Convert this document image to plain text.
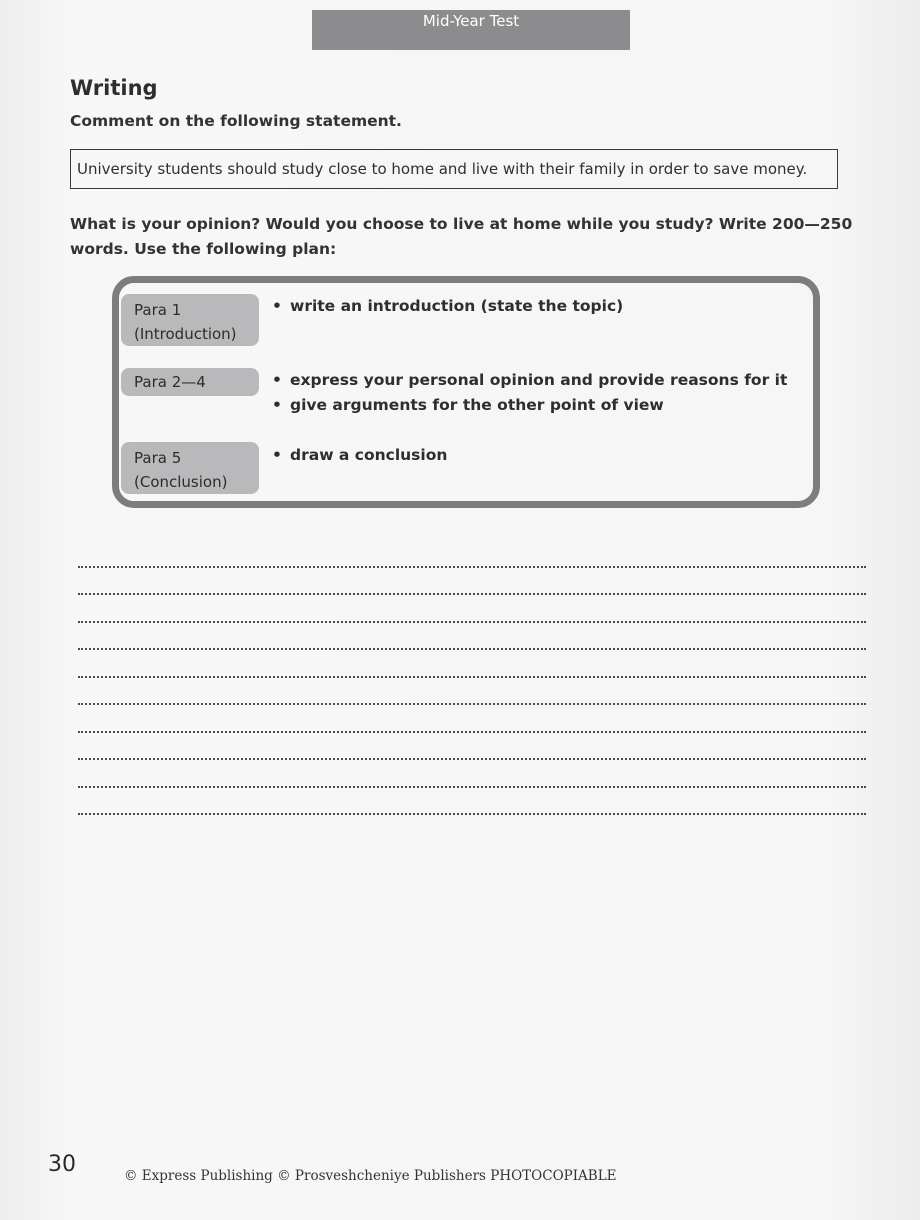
Mid-Year Test
Writing
Comment on the following statement.
University students should study close to home and live with their family in order to save money.
What is your opinion? Would you choose to live at home while you study? Write 200—250 words. Use the following plan:
Para 1
(Introduction)
• write an introduction (state the topic)
Para 2—4	• express your personal opinion and provide reasons for it
• give arguments for the other point of view
Para 5
(Conclusion)
• draw a conclusion
30	© Express Publishing © Prosveshcheniye Publishers PHOTOCOPIABLE
